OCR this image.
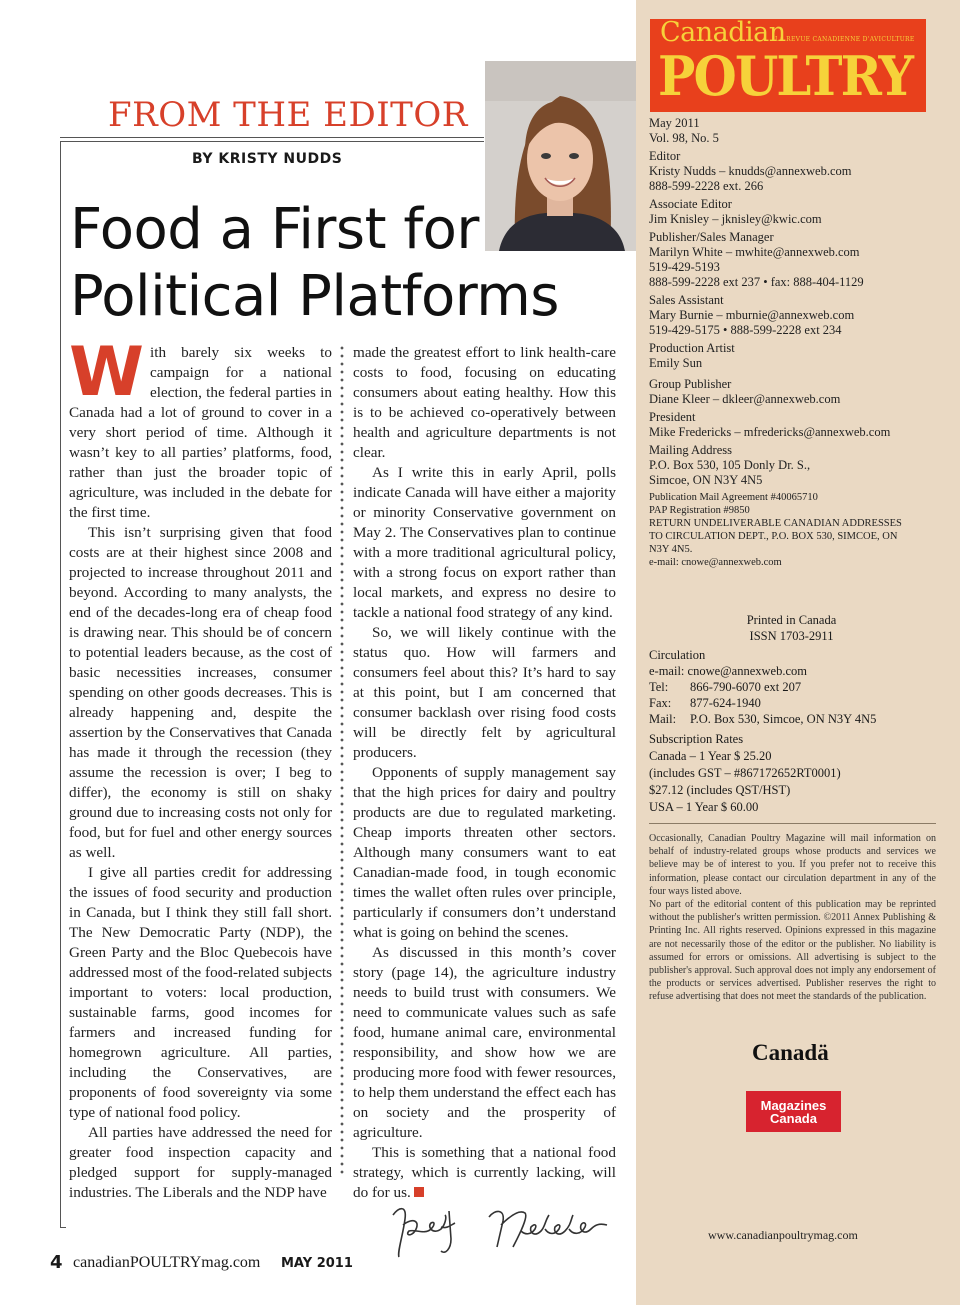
Canadian
LA REVUE CANADIENNE D'AVICULTURE
POULTRY
May 2011
Vol. 98, No. 5
Editor
Kristy Nudds – knudds@annexweb.com
888-599-2228 ext. 266
Associate Editor
Jim Knisley – jknisley@kwic.com
Publisher/Sales Manager
Marilyn White – mwhite@annexweb.com
519-429-5193
888-599-2228 ext 237 • fax: 888-404-1129
Sales Assistant
Mary Burnie – mburnie@annexweb.com
519-429-5175 • 888-599-2228 ext 234
Production Artist
Emily Sun
Group Publisher
Diane Kleer – dkleer@annexweb.com
President
Mike Fredericks – mfredericks@annexweb.com
Mailing Address
P.O. Box 530, 105 Donly Dr. S.,
Simcoe, ON N3Y 4N5
Publication Mail Agreement #40065710
PAP Registration #9850
RETURN UNDELIVERABLE CANADIAN ADDRESSES
TO CIRCULATION DEPT., P.O. BOX 530, SIMCOE, ON
N3Y 4N5.
e-mail: cnowe@annexweb.com
Printed in Canada
ISSN 1703-2911
Circulation
e-mail: cnowe@annexweb.com
Tel:	866-790-6070 ext 207
Fax:	877-624-1940
Mail:	P.O. Box 530, Simcoe, ON N3Y 4N5
Subscription Rates
Canada – 1 Year $ 25.20
(includes GST – #867172652RT0001)
$27.12 (includes QST/HST)
USA – 1 Year $ 60.00
Occasionally, Canadian Poultry Magazine will mail information on behalf of industry-related groups whose products and services we believe may be of interest to you. If you prefer not to receive this information, please contact our circulation department in any of the four ways listed above.
No part of the editorial content of this publication may be reprinted without the publisher's written permission. ©2011 Annex Publishing & Printing Inc. All rights reserved. Opinions expressed in this magazine are not necessarily those of the editor or the publisher. No liability is assumed for errors or omissions. All advertising is subject to the publisher's approval. Such approval does not imply any endorsement of the products or services advertised. Publisher reserves the right to refuse advertising that does not meet the standards of the publication.
Canadä
Magazines
Canada
www.canadianpoultrymag.com
FROM THE EDITOR
BY KRISTY NUDDS
Food a First for
Political Platforms

With barely six weeks to campaign for a national election, the federal parties in Canada had a lot of ground to cover in a very short period of time. Although it wasn’t key to all parties’ platforms, food, rather than just the broader topic of agriculture, was included in the debate for the first time.

This isn’t surprising given that food costs are at their highest since 2008 and projected to increase throughout 2011 and beyond. According to many analysts, the end of the decades-long era of cheap food is drawing near. This should be of concern to potential leaders because, as the cost of basic necessities increases, consumer spending on other goods decreases. This is already happening and, despite the assertion by the Conservatives that Canada has made it through the recession (they assume the recession is over; I beg to differ), the economy is still on shaky ground due to increasing costs not only for food, but for fuel and other energy sources as well.

I give all parties credit for addressing the issues of food security and production in Canada, but I think they still fall short. The New Democratic Party (NDP), the Green Party and the Bloc Quebecois have addressed most of the food-related subjects important to voters: local production, sustainable farms, good incomes for farmers and increased funding for homegrown agriculture. All parties, including the Conservatives, are proponents of food sovereignty via some type of national food policy.

All parties have addressed the need for greater food inspection capacity and pledged support for supply-managed industries. The Liberals and the NDP have

made the greatest effort to link health-care costs to food, focusing on educating consumers about eating healthy. How this is to be achieved co-operatively between health and agriculture departments is not clear.

As I write this in early April, polls indicate Canada will have either a majority or minority Conservative government on May 2. The Conservatives plan to continue with a more traditional agricultural policy, with a strong focus on export rather than local markets, and express no desire to tackle a national food strategy of any kind.

So, we will likely continue with the status quo. How will farmers and consumers feel about this? It’s hard to say at this point, but I am concerned that consumer backlash over rising food costs will be directly felt by agricultural producers.

Opponents of supply management say that the high prices for dairy and poultry products are due to regulated marketing. Cheap imports threaten other sectors. Although many consumers want to eat Canadian-made food, in tough economic times the wallet often rules over principle, particularly if consumers don’t understand what is going on behind the scenes.

As discussed in this month’s cover story (page 14), the agriculture industry needs to build trust with consumers. We need to communicate values such as safe food, humane animal care, environmental responsibility, and show how we are producing more food with fewer resources, to help them understand the effect each has on society and the prosperity of agriculture.

This is something that a national food strategy, which is currently lacking, will do for us.

4 canadianPOULTRYmag.com MAY 2011
